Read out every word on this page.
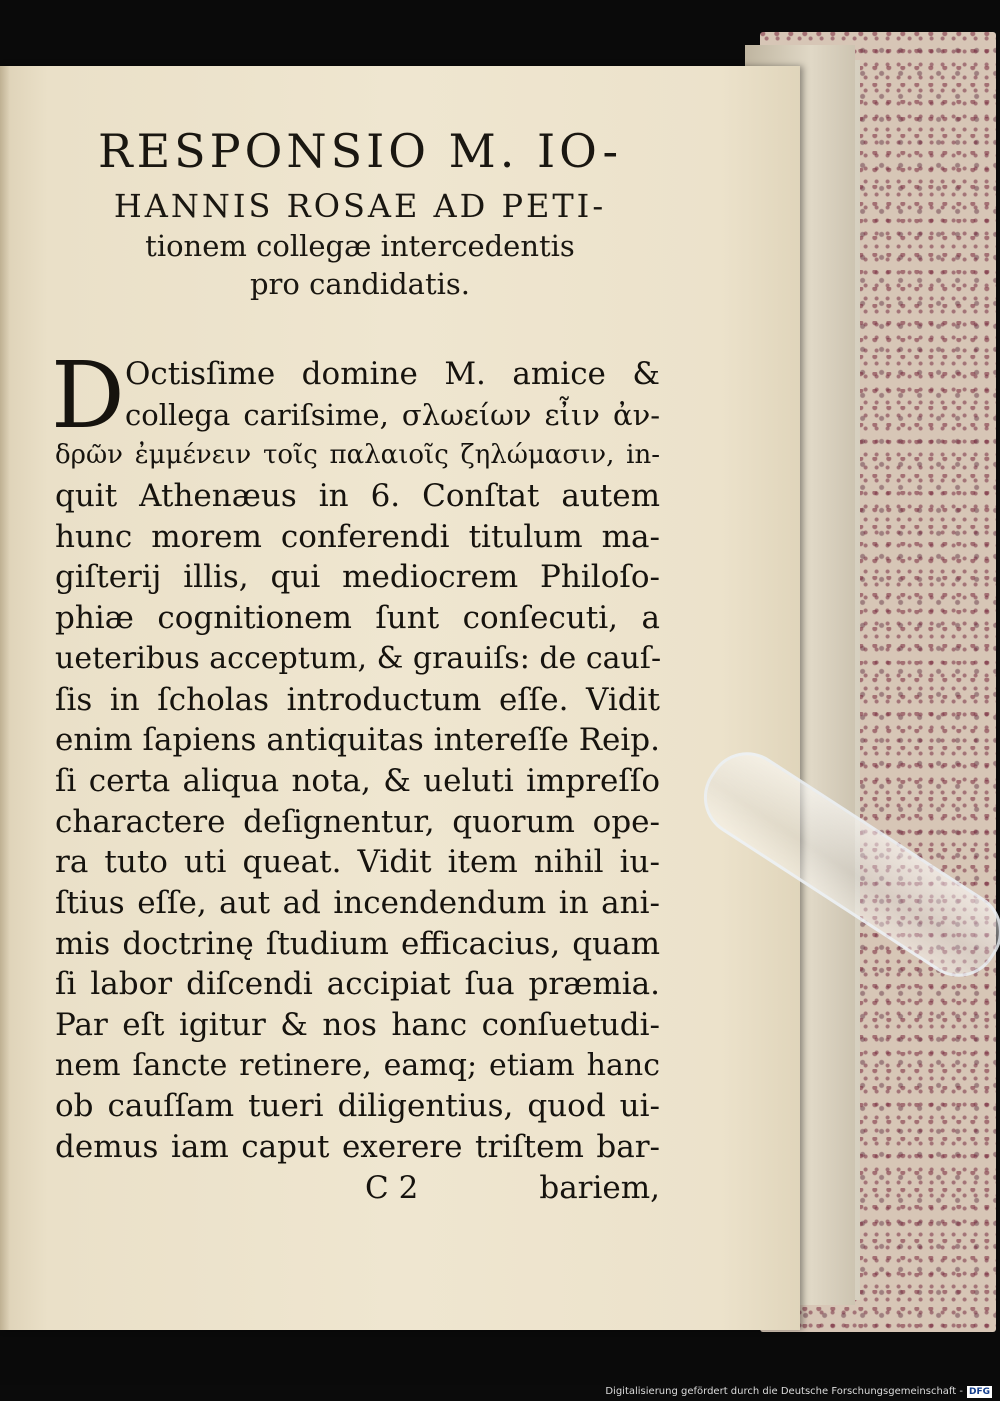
RESPONSIO M. IO-
HANNIS ROSAE AD PETI-
tionem collegæ intercedentis
pro candidatis.
D Octisſime domine M. amice &
collega cariſsime, σλωείων εἶιν ἀν-
δρῶν ἐμμένειν τοῖς παλαιοῖς ζηλώμασιν, in-
quit Athenæus in 6. Conſtat autem
hunc morem conferendi titulum ma-
giſterij illis, qui mediocrem Philoſo-
phiæ cognitionem ſunt conſecuti, a
ueteribus acceptum, & grauiſs: de cauſ-
ſis in ſcholas introductum eſſe. Vidit
enim ſapiens antiquitas intereſſe Reip.
ſi certa aliqua nota, & ueluti impreſſo
charactere deſignentur, quorum ope-
ra tuto uti queat. Vidit item nihil iu-
ſtius eſſe, aut ad incendendum in ani-
mis doctrinę ſtudium efficacius, quam
ſi labor diſcendi accipiat ſua præmia.
Par eſt igitur & nos hanc conſuetudi-
nem ſancte retinere, eamq; etiam hanc
ob cauſſam tueri diligentius, quod ui-
demus iam caput exerere triſtem bar-
C 2	bariem,
Digitalisierung gefördert durch die Deutsche Forschungsgemeinschaft - DFG
